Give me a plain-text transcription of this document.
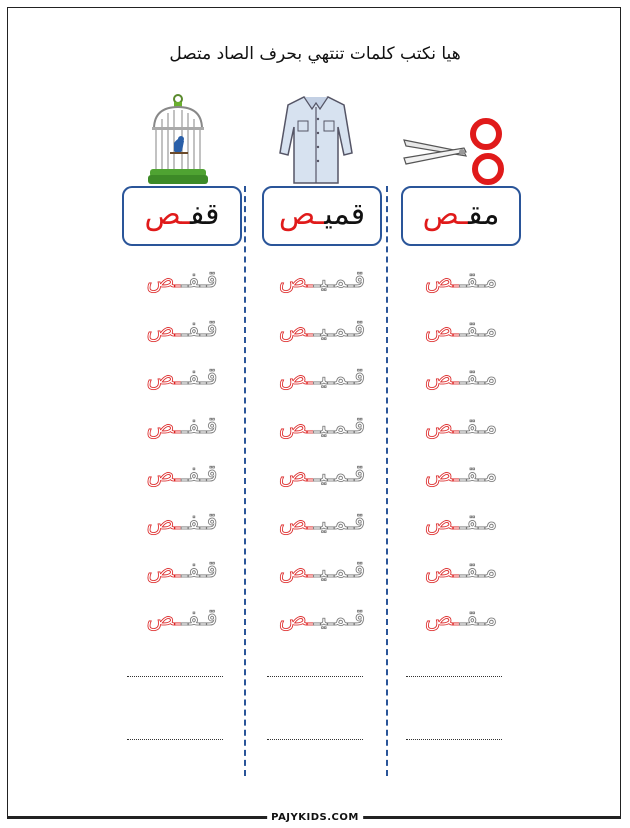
هيا نكتب كلمات تنتهي بحرف الصاد متصل
قفـص
قـفــص
قـفــص
قـفــص
قـفــص
قـفــص
قـفــص
قـفــص
قـفــص
قميـص
قـمـيــص
قـمـيــص
قـمـيــص
قـمـيــص
قـمـيــص
قـمـيــص
قـمـيــص
قـمـيــص
مقـص
مـقــص
مـقــص
مـقــص
مـقــص
مـقــص
مـقــص
مـقــص
مـقــص
PAJYKIDS.COM
